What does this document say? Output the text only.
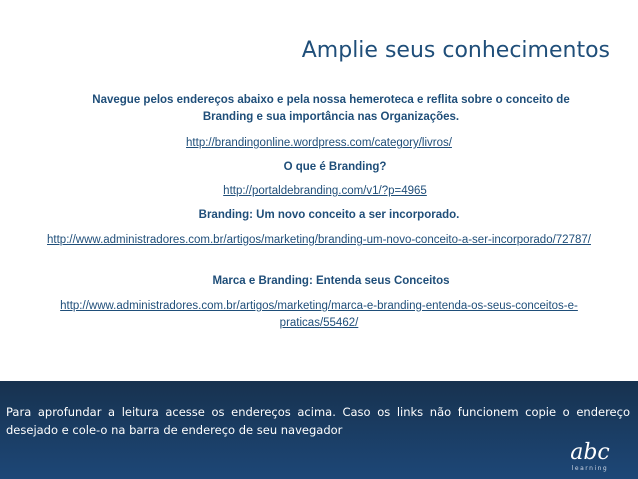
Amplie seus conhecimentos
Navegue pelos endereços abaixo e pela nossa hemeroteca e reflita sobre o conceito de Branding e sua importância nas Organizações.
http://brandingonline.wordpress.com/category/livros/
O que é Branding?
http://portaldebranding.com/v1/?p=4965
Branding: Um novo conceito a ser incorporado.
http://www.administradores.com.br/artigos/marketing/branding-um-novo-conceito-a-ser-incorporado/72787/
Marca e Branding: Entenda seus Conceitos
http://www.administradores.com.br/artigos/marketing/marca-e-branding-entenda-os-seus-conceitos-e-praticas/55462/
Para aprofundar a leitura acesse os endereços acima. Caso os links não funcionem copie o endereço desejado e cole-o na barra de endereço de seu navegador
abc
learning
